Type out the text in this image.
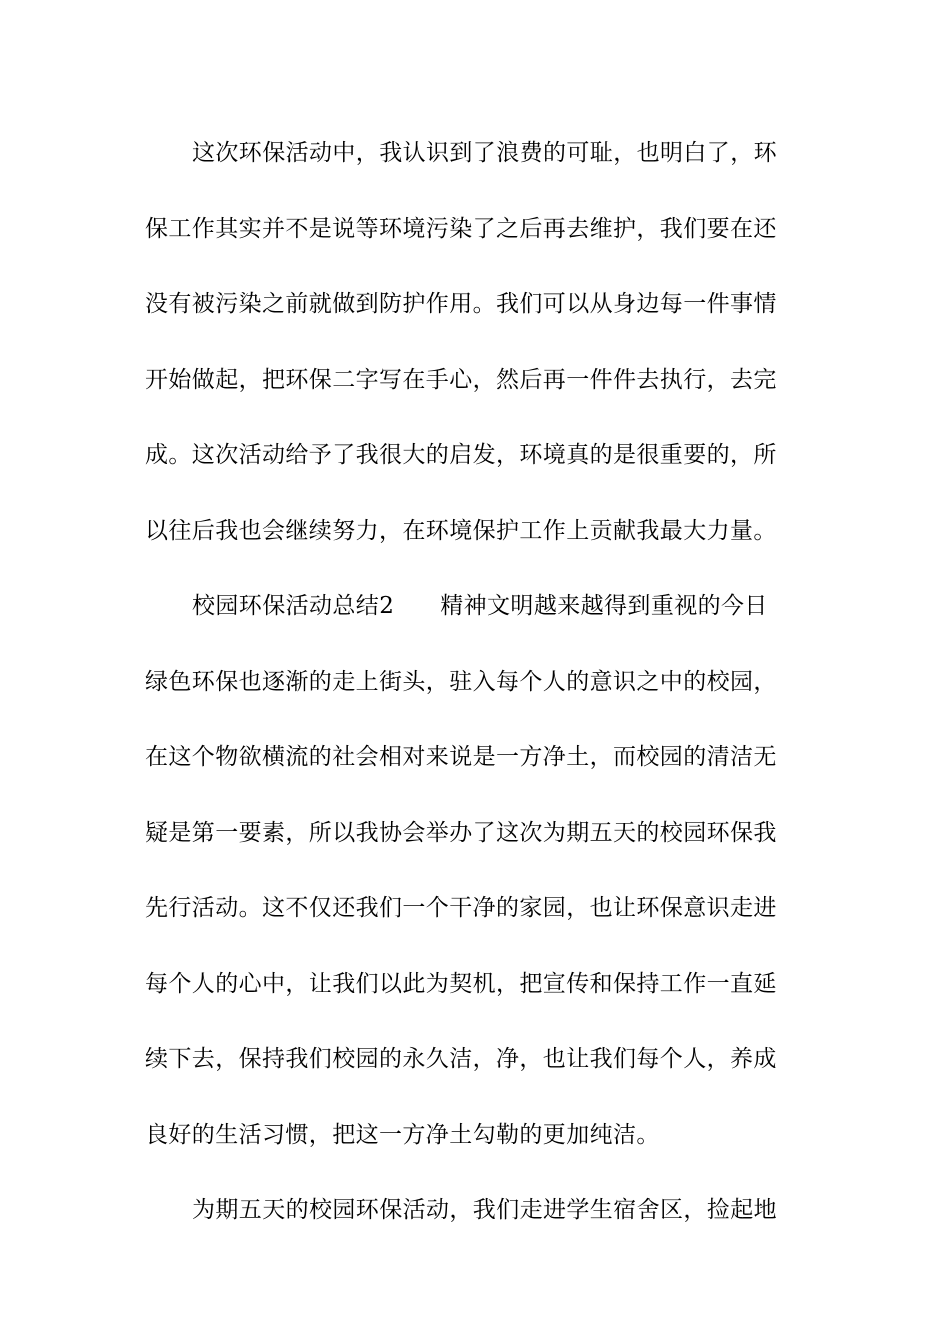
这次环保活动中，我认识到了浪费的可耻，也明白了，环
保工作其实并不是说等环境污染了之后再去维护，我们要在还
没有被污染之前就做到防护作用。我们可以从身边每一件事情
开始做起，把环保二字写在手心，然后再一件件去执行，去完
成。这次活动给予了我很大的启发，环境真的是很重要的，所
以往后我也会继续努力，在环境保护工作上贡献我最大力量。
校园环保活动总结2 精神文明越来越得到重视的今日
绿色环保也逐渐的走上街头，驻入每个人的意识之中的校园，
在这个物欲横流的社会相对来说是一方净土，而校园的清洁无
疑是第一要素，所以我协会举办了这次为期五天的校园环保我
先行活动。这不仅还我们一个干净的家园，也让环保意识走进
每个人的心中，让我们以此为契机，把宣传和保持工作一直延
续下去，保持我们校园的永久洁，净，也让我们每个人，养成
良好的生活习惯，把这一方净土勾勒的更加纯洁。
为期五天的校园环保活动，我们走进学生宿舍区，捡起地
